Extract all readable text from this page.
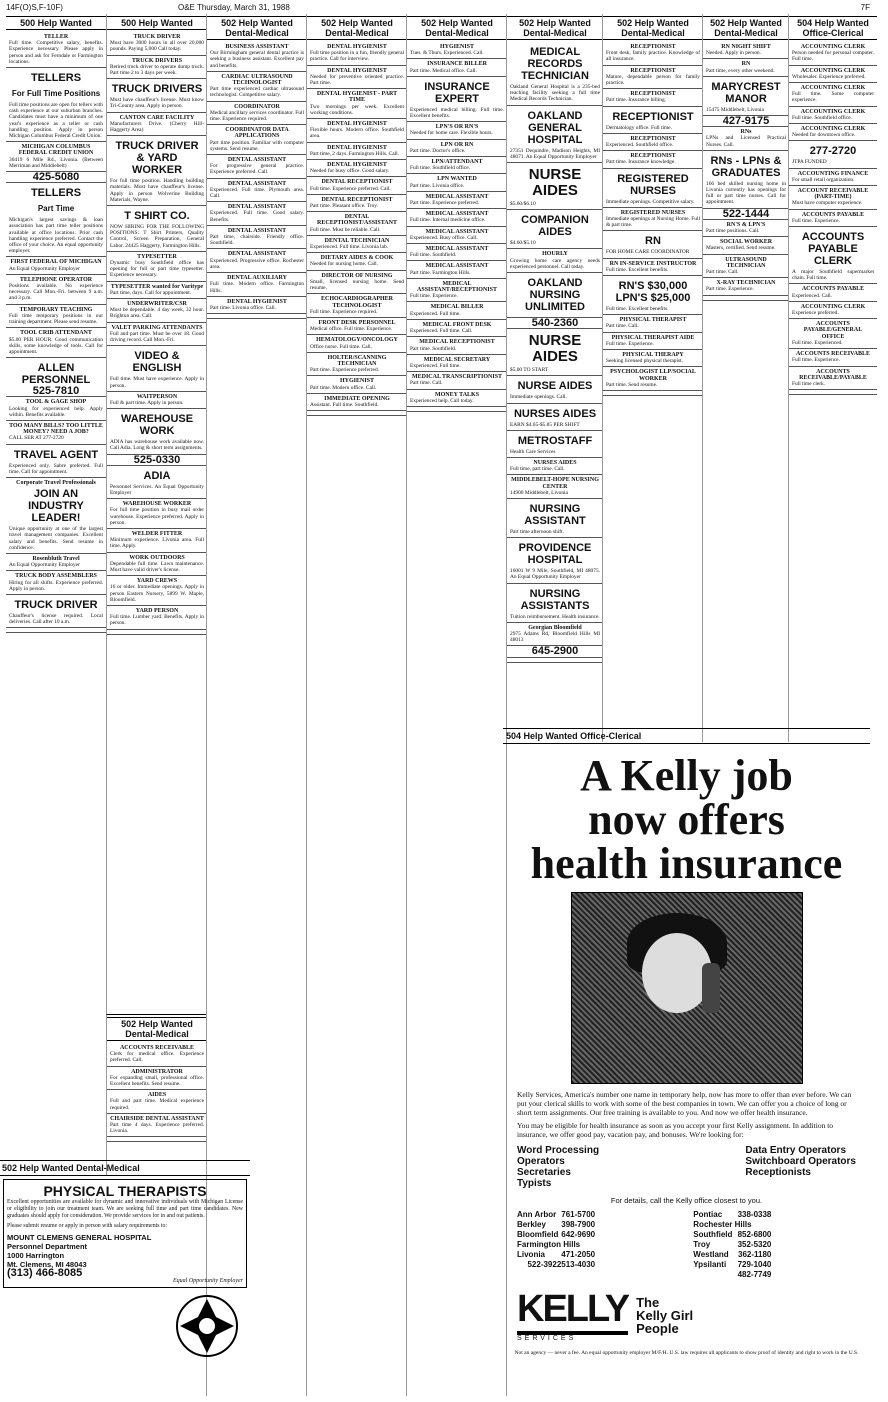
14F(O)S,F-10F)	O&E Thursday, March 31, 1988	7F
500 Help Wanted
TELLER
Full time. Competitive salary, benefits. Experience necessary. Please apply in person and ask for Ferndale or Farmington locations.
TELLERS
For Full Time Positions
Full time positions are open for tellers with cash experience at our suburban branches. Candidates must have a minimum of one year's experience as a teller or cash handling position. Apply in person Michigan Columbus Federal Credit Union.
MICHIGAN COLUMBUS FEDERAL CREDIT UNION
30419 6 Mile Rd., Livonia. (Between Merriman and Middlebelt)
425-5080
TELLERS
Part Time
Michigan's largest savings & loan association has part time teller positions available at office locations. Prior cash handling experience preferred. Contact the office of your choice. An equal opportunity employer.
FIRST FEDERAL OF MICHIGAN
An Equal Opportunity Employer
TELEPHONE OPERATOR
Positions available. No experience necessary. Call Mon.-Fri. between 9 a.m. and 3 p.m.
TEMPORARY TEACHING
Full time temporary positions in our training department. Please send resume.
TOOL CRIB ATTENDANT
$5.00 PER HOUR. Good communication skills, some knowledge of tools. Call for appointment.
ALLEN PERSONNEL
525-7810
TOOL & GAGE SHOP
Looking for experienced help. Apply within. Benefits available.
TOO MANY BILLS? TOO LITTLE MONEY? NEED A JOB?
CALL SER AT 277-2720
TRAVEL AGENT
Experienced only. Sabre preferred. Full time. Call for appointment.
Corporate Travel Professionals
JOIN AN INDUSTRY LEADER!
Unique opportunity at one of the largest travel management companies. Excellent salary and benefits. Send resume in confidence.
Rosenbluth Travel
An Equal Opportunity Employer
TRUCK BODY ASSEMBLERS
Hiring for all shifts. Experience preferred. Apply in person.
TRUCK DRIVER
Chauffeur's license required. Local deliveries. Call after 10 a.m.
500 Help Wanted
TRUCK DRIVER
Must have 3000 hours in all over 20,000 pounds. Paying 5,000 Call today.
TRUCK DRIVERS
Retired truck driver to operate dump truck. Part time 2 to 3 days per week.
TRUCK DRIVERS
Must have chauffeur's license. Must know Tri-County area. Apply in person.
CANTON CARE FACILITY
Manufacturers Drive. (Cherry Hill-Haggerty Area)
TRUCK DRIVER & YARD WORKER
For full time position. Handling building materials. Must have chauffeur's license. Apply in person Wolverine Building Materials, Wayne.
T SHIRT CO.
NOW HIRING FOR THE FOLLOWING POSITIONS: T Shirt Printers, Quality Control, Screen Preparation, General Labor. 24425 Haggerty, Farmington Hills.
TYPESETTER
Dynamic busy Southfield office has opening for full or part time typesetter. Experience necessary.
TYPESETTER wanted for Varitype
Part time, days. Call for appointment.
UNDERWRITER/CSR
Must be dependable. 4 day week, 32 hour. Brighton area. Call.
VALET PARKING ATTENDANTS
Full and part time. Must be over 18. Good driving record. Call Mon.-Fri.
VIDEO & ENGLISH
Full time. Must have experience. Apply in person.
WAITPERSON
Full & part time. Apply in person.
WAREHOUSE WORK
ADIA has warehouse work available now. Call Adia. Long & short term assignments.
525-0330
ADIA
Personnel Services. An Equal Opportunity Employer
WAREHOUSE WORKER
For full time position in busy mail order warehouse. Experience preferred. Apply in person.
WELDER FITTER
Minimum experience. Livonia area. Full time. Apply.
WORK OUTDOORS
Dependable full time. Lawn maintenance. Must have valid driver's license.
YARD CREWS
16 or older. Immediate openings. Apply in person Eastern Nursery, 5899 W. Maple, Bloomfield.
YARD PERSON
Full time. Lumber yard. Benefits. Apply in person.
502 Help Wanted Dental-Medical
ACCOUNTS RECEIVABLE
Clerk for medical office. Experience preferred. Call.
ADMINISTRATOR
For expanding small, professional office. Excellent benefits. Send resume.
AIDES
Full and part time. Medical experience required.
CHAIRSIDE DENTAL ASSISTANT
Part time 4 days. Experience preferred. Livonia.
502 Help Wanted Dental-Medical
BUSINESS ASSISTANT
Our Birmingham general dental practice is seeking a business assistant. Excellent pay and benefits.
CARDIAC ULTRASOUND TECHNOLOGIST
Part time experienced cardiac ultrasound technologist. Competitive salary.
COORDINATOR
Medical ancillary services coordinator. Full time. Experience required.
COORDINATOR DATA APPLICATIONS
Part time position. Familiar with computer systems. Send resume.
DENTAL ASSISTANT
For progressive general practice. Experience preferred. Call.
DENTAL ASSISTANT
Experienced. Full time. Plymouth area. Call.
DENTAL ASSISTANT
Experienced. Full time. Good salary. Benefits.
DENTAL ASSISTANT
Part time, chairside. Friendly office. Southfield.
DENTAL ASSISTANT
Experienced. Progressive office. Rochester area.
DENTAL AUXILIARY
Full time. Modern office. Farmington Hills.
DENTAL HYGIENIST
Part time. Livonia office. Call.
502 Help Wanted Dental-Medical
DENTAL HYGIENIST
Full time position in a fun, friendly general practice. Call for interview.
DENTAL HYGIENIST
Needed for preventive oriented practice. Part time.
DENTAL HYGIENIST - PART TIME
Two mornings per week. Excellent working conditions.
DENTAL HYGIENIST
Flexible hours. Modern office. Southfield area.
DENTAL HYGIENIST
Part time, 2 days. Farmington Hills. Call.
DENTAL HYGIENIST
Needed for busy office. Good salary.
DENTAL RECEPTIONIST
Full time. Experience preferred. Call.
DENTAL RECEPTIONIST
Part time. Pleasant office. Troy.
DENTAL RECEPTIONIST/ASSISTANT
Full time. Must be reliable. Call.
DENTAL TECHNICIAN
Experienced. Full time. Livonia lab.
DIETARY AIDES & COOK
Needed for nursing home. Call.
DIRECTOR OF NURSING
Small, licensed nursing home. Send resume.
ECHOCARDIOGRAPHER TECHNOLOGIST
Full time. Experience required.
FRONT DESK PERSONNEL
Medical office. Full time. Experience.
HEMATOLOGY/ONCOLOGY
Office nurse. Full time. Call.
HOLTER/SCANNING TECHNICIAN
Part time. Experience preferred.
HYGIENIST
Part time. Modern office. Call.
IMMEDIATE OPENING
Assistant. Full time. Southfield.
502 Help Wanted Dental-Medical
HYGIENIST
Tues. & Thurs. Experienced. Call.
INSURANCE BILLER
Part time. Medical office. Call.
INSURANCE EXPERT
Experienced medical billing. Full time. Excellent benefits.
LPN'S OR RN'S
Needed for home care. Flexible hours.
LPN OR RN
Part time. Doctor's office.
LPN/ATTENDANT
Full time. Southfield office.
LPN WANTED
Part time. Livonia office.
MEDICAL ASSISTANT
Part time. Experience preferred.
MEDICAL ASSISTANT
Full time. Internal medicine office.
MEDICAL ASSISTANT
Experienced. Busy office. Call.
MEDICAL ASSISTANT
Full time. Southfield.
MEDICAL ASSISTANT
Part time. Farmington Hills.
MEDICAL ASSISTANT/RECEPTIONIST
Full time. Experience.
MEDICAL BILLER
Experienced. Full time.
MEDICAL FRONT DESK
Experienced. Full time. Call.
MEDICAL RECEPTIONIST
Part time. Southfield.
MEDICAL SECRETARY
Experienced. Full time.
MEDICAL TRANSCRIPTIONIST
Part time. Call.
MONEY TALKS
Experienced help. Call today.
502 Help Wanted Dental-Medical
MEDICAL RECORDS TECHNICIAN
Oakland General Hospital is a 235-bed teaching facility seeking a full time Medical Records Technician.
OAKLAND GENERAL HOSPITAL
27351 Dequindre, Madison Heights, MI 48071. An Equal Opportunity Employer
NURSE AIDES
$5.60/$6.10
COMPANION AIDES
$4.60/$5.10
HOURLY
Growing home care agency needs experienced personnel. Call today.
OAKLAND NURSING UNLIMITED
540-2360
NURSE AIDES
$5.00 TO START
NURSE AIDES
Immediate openings. Call.
NURSES AIDES
EARN $4.65-$5.85 PER SHIFT
METROSTAFF
Health Care Services
NURSES AIDES
Full time, part time. Call.
MIDDLEBELT-HOPE NURSING CENTER
14900 Middlebelt, Livonia
NURSING ASSISTANT
Part time afternoon shift.
PROVIDENCE HOSPITAL
16001 W 9 Mile, Southfield, MI 48075. An Equal Opportunity Employer
NURSING ASSISTANTS
Tuition reimbursement. Health insurance.
Georgian Bloomfield
2975 Adams Rd, Bloomfield Hills MI 48013
645-2900
502 Help Wanted Dental-Medical
RECEPTIONIST
Front desk, family practice. Knowledge of all insurance.
RECEPTIONIST
Mature, dependable person for family practice.
RECEPTIONIST
Part time. Insurance billing.
RECEPTIONIST
Dermatology office. Full time.
RECEPTIONIST
Experienced. Southfield office.
RECEPTIONIST
Part time. Insurance knowledge.
REGISTERED NURSES
Immediate openings. Competitive salary.
REGISTERED NURSES
Immediate openings at Nursing Home. Full & part time.
RN
FOR HOME CARE COORDINATOR
RN IN-SERVICE INSTRUCTOR
Full time. Excellent benefits.
RN'S $30,000 LPN'S $25,000
Full time. Excellent benefits.
PHYSICAL THERAPIST
Part time. Call.
PHYSICAL THERAPIST AIDE
Full time. Experience.
PHYSICAL THERAPY
Seeking licensed physical therapist.
PSYCHOLOGIST LLP/SOCIAL WORKER
Part time. Send resume.
502 Help Wanted Dental-Medical
RN NIGHT SHIFT
Needed. Apply in person.
RN
Part time, every other weekend.
MARYCREST MANOR
15475 Middlebelt, Livonia
427-9175
RNs
LPNs and Licensed Practical Nurses. Call.
RNs - LPNs & GRADUATES
166 bed skilled nursing home in Livonia currently has openings for full or part time nurses. Call for appointment.
522-1444
RN'S & LPN'S
Part time positions. Call.
SOCIAL WORKER
Masters, certified. Send resume.
ULTRASOUND TECHNICIAN
Part time. Call.
X-RAY TECHNICIAN
Part time. Experience.
504 Help Wanted Office-Clerical
ACCOUNTING CLERK
Person needed for personal computer. Full time.
ACCOUNTING CLERK
Wholesaler. Experience preferred.
ACCOUNTING CLERK
Full time. Some computer experience.
ACCOUNTING CLERK
Full time. Southfield office.
ACCOUNTING CLERK
Needed for downtown office.
277-2720
JTPA FUNDED
ACCOUNTING FINANCE
For small retail organization.
ACCOUNT RECEIVABLE (PART-TIME)
Must have computer experience.
ACCOUNTS PAYABLE
Full time. Experience.
ACCOUNTS PAYABLE CLERK
A major Southfield supermarket chain. Full time.
ACCOUNTS PAYABLE
Experienced. Call.
ACCOUNTING CLERK
Experience preferred.
ACCOUNTS PAYABLE/GENERAL OFFICE
Full time. Experienced.
ACCOUNTS RECEIVABLE
Full time. Experience.
ACCOUNTS RECEIVABLE/PAYABLE
Full time clerk.
502 Help Wanted Dental-Medical
PHYSICAL THERAPISTS
Excellent opportunities are available for dynamic and innovative individuals with Michigan License or eligibility to join our treatment team. We are seeking full time and part time candidates. New graduates should apply for consideration. We provide services for in and out patients.
Please submit resume or apply in person with salary requirements to:
MOUNT CLEMENS GENERAL HOSPITAL
Personnel Department
1000 Harrington
Mt. Clemens, MI 48043
(313) 466-8085
Equal Opportunity Employer
504 Help Wanted Office-Clerical
A Kelly job
now offers
health insurance
Kelly Services, America's number one name in temporary help, now has more to offer than ever before. We can put your clerical skills to work with some of the best companies in town. We can offer you a choice of long or short term assignments. Our free training is available to you. And now we offer health insurance.
You may be eligible for health insurance as soon as you accept your first Kelly assignment. In addition to insurance, we offer good pay, vacation pay, and bonuses. We're looking for:
Word Processing
Operators
Secretaries
Typists
Data Entry Operators
Switchboard Operators
Receptionists
For details, call the Kelly office closest to you.
Ann Arbor 761-5700
Berkley 398-7900
Bloomfield 642-9690
Farmington Hills
471-2050
Livonia
513-4030
522-3922
Pontiac 338-0338
Rochester Hills
852-6800
Southfield
352-5320
Troy
362-1180
Westland
729-1040
Ypsilanti
482-7749
KELLY
SERVICES
The
Kelly Girl
People
Not an agency — never a fee. An equal opportunity employer M/F/H. U.S. law requires all applicants to show proof of identity and right to work in the U.S.
